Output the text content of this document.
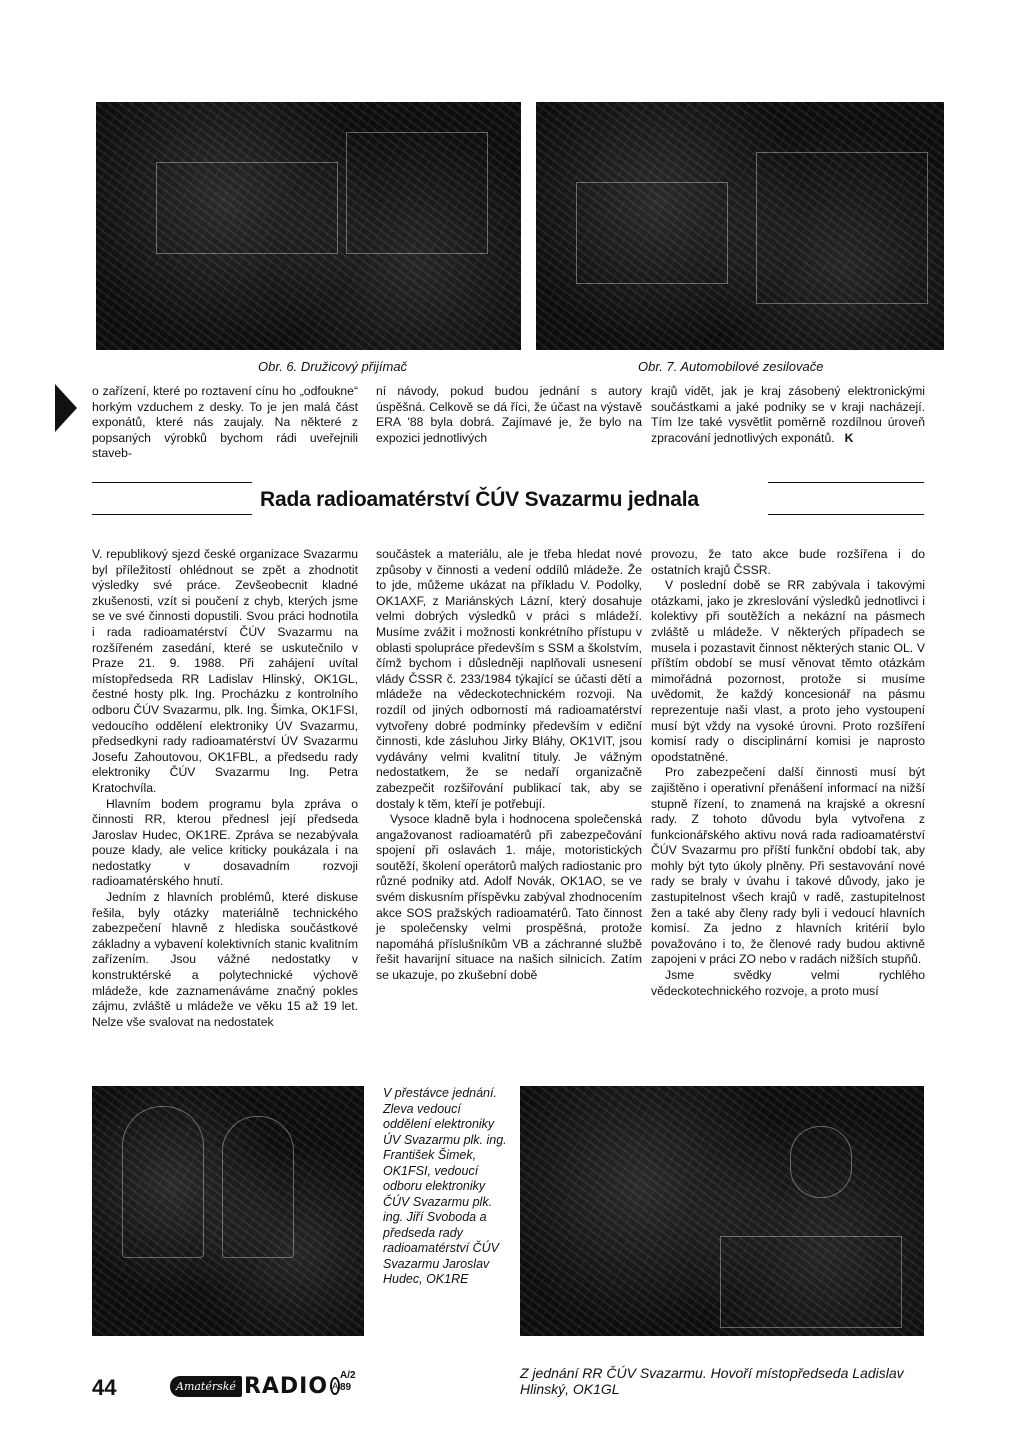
Obr. 6. Družicový přijímač	Obr. 7. Automobilové zesilovače

o zařízení, které po roztavení cínu ho „odfoukne“ horkým vzduchem z desky. To je jen malá část exponátů, které nás zaujaly. Na některé z popsaných výrobků bychom rádi uveřejnili staveb-

ní návody, pokud budou jednání s autory úspěšná. Celkově se dá říci, že účast na výstavě ERA '88 byla dobrá. Zajímavé je, že bylo na expozici jednotlivých

krajů vidět, jak je kraj zásobený elektronickými součástkami a jaké podniky se v kraji nacházejí. Tím lze také vysvětlit poměrně rozdílnou úroveň zpracování jednotlivých exponátů. K

Rada radioamatérství ČÚV Svazarmu jednala

V. republikový sjezd české organizace Svazarmu byl příležitostí ohlédnout se zpět a zhodnotit výsledky své práce. Zevšeobecnit kladné zkušenosti, vzít si poučení z chyb, kterých jsme se ve své činnosti dopustili. Svou práci hodnotila i rada radioamatérství ČÚV Svazarmu na rozšířeném zasedání, které se uskutečnilo v Praze 21. 9. 1988. Při zahájení uvítal místopředseda RR Ladislav Hlinský, OK1GL, čestné hosty plk. Ing. Procházku z kontrolního odboru ČÚV Svazarmu, plk. Ing. Šimka, OK1FSI, vedoucího oddělení elektroniky ÚV Svazarmu, předsedkyni rady radioamatérství ÚV Svazarmu Josefu Zahoutovou, OK1FBL, a předsedu rady elektroniky ČÚV Svazarmu Ing. Petra Kratochvíla.

Hlavním bodem programu byla zpráva o činnosti RR, kterou přednesl její předseda Jaroslav Hudec, OK1RE. Zpráva se nezabývala pouze klady, ale velice kriticky poukázala i na nedostatky v dosavadním rozvoji radioamatérského hnutí.

Jedním z hlavních problémů, které diskuse řešila, byly otázky materiálně technického zabezpečení hlavně z hlediska součástkové základny a vybavení kolektivních stanic kvalitním zařízením. Jsou vážné nedostatky v konstruktérské a polytechnické výchově mládeže, kde zaznamenáváme značný pokles zájmu, zvláště u mládeže ve věku 15 až 19 let. Nelze vše svalovat na nedostatek

součástek a materiálu, ale je třeba hledat nové způsoby v činnosti a vedení oddílů mládeže. Že to jde, můžeme ukázat na příkladu V. Podolky, OK1AXF, z Mariánských Lázní, který dosahuje velmi dobrých výsledků v práci s mládeží. Musíme zvážit i možnosti konkrétního přístupu v oblasti spolupráce především s SSM a školstvím, čímž bychom i důsledněji naplňovali usnesení vlády ČSSR č. 233/1984 týkající se účasti dětí a mládeže na vědeckotechnickém rozvoji. Na rozdíl od jiných odborností má radioamatérství vytvořeny dobré podmínky především v ediční činnosti, kde zásluhou Jirky Bláhy, OK1VIT, jsou vydávány velmi kvalitní tituly. Je vážným nedostatkem, že se nedaří organizačně zabezpečit rozšiřování publikací tak, aby se dostaly k těm, kteří je potřebují.

Vysoce kladně byla i hodnocena společenská angažovanost radioamatérů při zabezpečování spojení při oslavách 1. máje, motoristických soutěží, školení operátorů malých radiostanic pro různé podniky atd. Adolf Novák, OK1AO, se ve svém diskusním příspěvku zabýval zhodnocením akce SOS pražských radioamatérů. Tato činnost je společensky velmi prospěšná, protože napomáhá příslušníkům VB a záchranné službě řešit havarijní situace na našich silnicích. Zatím se ukazuje, po zkušební době

provozu, že tato akce bude rozšířena i do ostatních krajů ČSSR.

V poslední době se RR zabývala i takovými otázkami, jako je zkreslování výsledků jednotlivci i kolektivy při soutěžích a nekázní na pásmech zvláště u mládeže. V některých případech se musela i pozastavit činnost některých stanic OL. V příštím období se musí věnovat těmto otázkám mimořádná pozornost, protože si musíme uvědomit, že každý koncesionář na pásmu reprezentuje naši vlast, a proto jeho vystoupení musí být vždy na vysoké úrovni. Proto rozšíření komisí rady o disciplinární komisi je naprosto opodstatněné.

Pro zabezpečení další činnosti musí být zajištěno i operativní přenášení informací na nižší stupně řízení, to znamená na krajské a okresní rady. Z tohoto důvodu byla vytvořena z funkcionářského aktivu nová rada radioamatérství ČÚV Svazarmu pro příští funkční období tak, aby mohly být tyto úkoly plněny. Při sestavování nové rady se braly v úvahu i takové důvody, jako je zastupitelnost všech krajů v radě, zastupitelnost žen a také aby členy rady byli i vedoucí hlavních komisí. Za jedno z hlavních kritérií bylo považováno i to, že členové rady budou aktivně zapojeni v práci ZO nebo v radách nižších stupňů.

Jsme svědky velmi rychlého vědeckotechnického rozvoje, a proto musí

V přestávce jednání. Zleva vedoucí oddělení elektroniky ÚV Svazarmu plk. ing. František Šimek, OK1FSI, vedoucí odboru elektroniky ČÚV Svazarmu plk. ing. Jiří Svoboda a předseda rady radioamatérství ČÚV Svazarmu Jaroslav Hudec, OK1RE
Z jednání RR ČÚV Svazarmu. Hovoří místopředseda Ladislav Hlinský, OK1GL
44	Amatérské RADIO A
A/2
89
